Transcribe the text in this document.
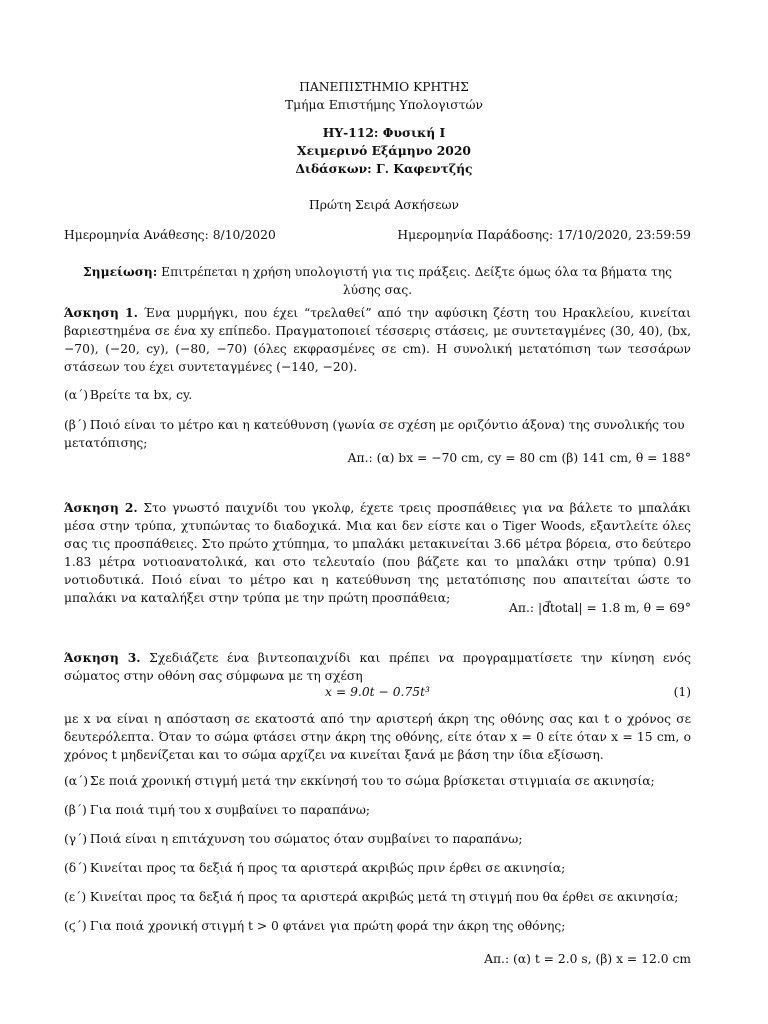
ΠΑΝΕΠΙΣΤΗΜΙΟ ΚΡΗΤΗΣ
Τμήμα Επιστήμης Υπολογιστών
ΗΥ-112: Φυσική Ι
Χειμερινό Εξάμηνο 2020
Διδάσκων: Γ. Καφεντζής
Πρώτη Σειρά Ασκήσεων
Ημερομηνία Ανάθεσης: 8/10/2020	Ημερομηνία Παράδοσης: 17/10/2020, 23:59:59
Σημείωση: Επιτρέπεται η χρήση υπολογιστή για τις πράξεις. Δείξτε όμως όλα τα βήματα της λύσης σας.
Άσκηση 1. Ένα μυρμήγκι, που έχει “τρελαθεί” από την αφύσικη ζέστη του Ηρακλείου, κινείται βαριεστημένα σε ένα xy επίπεδο. Πραγματοποιεί τέσσερις στάσεις, με συντεταγμένες (30, 40), (bx, −70), (−20, cy), (−80, −70) (όλες εκφρασμένες σε cm). Η συνολική μετατόπιση των τεσσάρων στάσεων του έχει συντεταγμένες (−140, −20).
(α΄) Βρείτε τα bx, cy.
(β΄) Ποιό είναι το μέτρο και η κατεύθυνση (γωνία σε σχέση με οριζόντιο άξονα) της συνολικής του μετατόπισης;
Απ.: (α) bx = −70 cm, cy = 80 cm (β) 141 cm, θ = 188°
Άσκηση 2. Στο γνωστό παιχνίδι του γκολφ, έχετε τρεις προσπάθειες για να βάλετε το μπαλάκι μέσα στην τρύπα, χτυπώντας το διαδοχικά. Μια και δεν είστε και ο Tiger Woods, εξαντλείτε όλες σας τις προσπάθειες. Στο πρώτο χτύπημα, το μπαλάκι μετακινείται 3.66 μέτρα βόρεια, στο δεύτερο 1.83 μέτρα νοτιοανατολικά, και στο τελευταίο (που βάζετε και το μπαλάκι στην τρύπα) 0.91 νοτιοδυτικά. Ποιό είναι το μέτρο και η κατεύθυνση της μετατόπισης που απαιτείται ώστε το μπαλάκι να καταλήξει στην τρύπα με την πρώτη προσπάθεια;
Απ.: |d⃗total| = 1.8 m, θ = 69°
Άσκηση 3. Σχεδιάζετε ένα βιντεοπαιχνίδι και πρέπει να προγραμματίσετε την κίνηση ενός σώματος στην οθόνη σας σύμφωνα με τη σχέση
x = 9.0t − 0.75t³	(1)
με x να είναι η απόσταση σε εκατοστά από την αριστερή άκρη της οθόνης σας και t ο χρόνος σε δευτερόλεπτα. Όταν το σώμα φτάσει στην άκρη της οθόνης, είτε όταν x = 0 είτε όταν x = 15 cm, ο χρόνος t μηδενίζεται και το σώμα αρχίζει να κινείται ξανά με βάση την ίδια εξίσωση.
(α΄) Σε ποιά χρονική στιγμή μετά την εκκίνησή του το σώμα βρίσκεται στιγμιαία σε ακινησία;
(β΄) Για ποιά τιμή του x συμβαίνει το παραπάνω;
(γ΄) Ποιά είναι η επιτάχυνση του σώματος όταν συμβαίνει το παραπάνω;
(δ΄) Κινείται προς τα δεξιά ή προς τα αριστερά ακριβώς πριν έρθει σε ακινησία;
(ε΄) Κινείται προς τα δεξιά ή προς τα αριστερά ακριβώς μετά τη στιγμή που θα έρθει σε ακινησία;
(ϛ΄) Για ποιά χρονική στιγμή t > 0 φτάνει για πρώτη φορά την άκρη της οθόνης;
Απ.: (α) t = 2.0 s, (β) x = 12.0 cm
